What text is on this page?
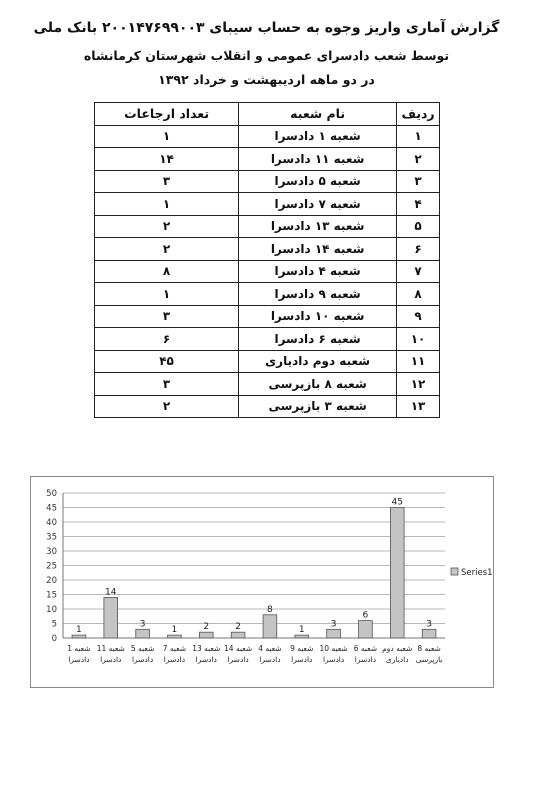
گزارش آماری واریز وجوه به حساب سیبای ۲۰۰۱۴۷۶۹۹۰۰۳ بانک ملی
توسط شعب دادسرای عمومی و انقلاب شهرستان کرمانشاه
در دو ماهه اردیبهشت و خرداد ۱۳۹۲
ردیف	نام شعبه	تعداد ارجاعات
۱	شعبه ۱ دادسرا	۱
۲	شعبه ۱۱ دادسرا	۱۴
۳	شعبه ۵ دادسرا	۳
۴	شعبه ۷ دادسرا	۱
۵	شعبه ۱۳ دادسرا	۲
۶	شعبه ۱۴ دادسرا	۲
۷	شعبه ۴ دادسرا	۸
۸	شعبه ۹ دادسرا	۱
۹	شعبه ۱۰ دادسرا	۳
۱۰	شعبه ۶ دادسرا	۶
۱۱	شعبه دوم دادیاری	۴۵
۱۲	شعبه ۸ بازپرسی	۳
۱۳	شعبه ۳ بازپرسی	۲
0
5
10
15
20
25
30
35
40
45
50
1
شعبه 1
دادسرا
14
شعبه 11
دادسرا
3
شعبه 5
دادسرا
1
شعبه 7
دادسرا
2
شعبه 13
دادسرا
2
شعبه 14
دادسرا
8
شعبه 4
دادسرا
1
شعبه 9
دادسرا
3
شعبه 10
دادسرا
6
شعبه 6
دادسرا
45
شعبه دوم
دادیاری
3
شعبه 8
بازپرسی
Series1
